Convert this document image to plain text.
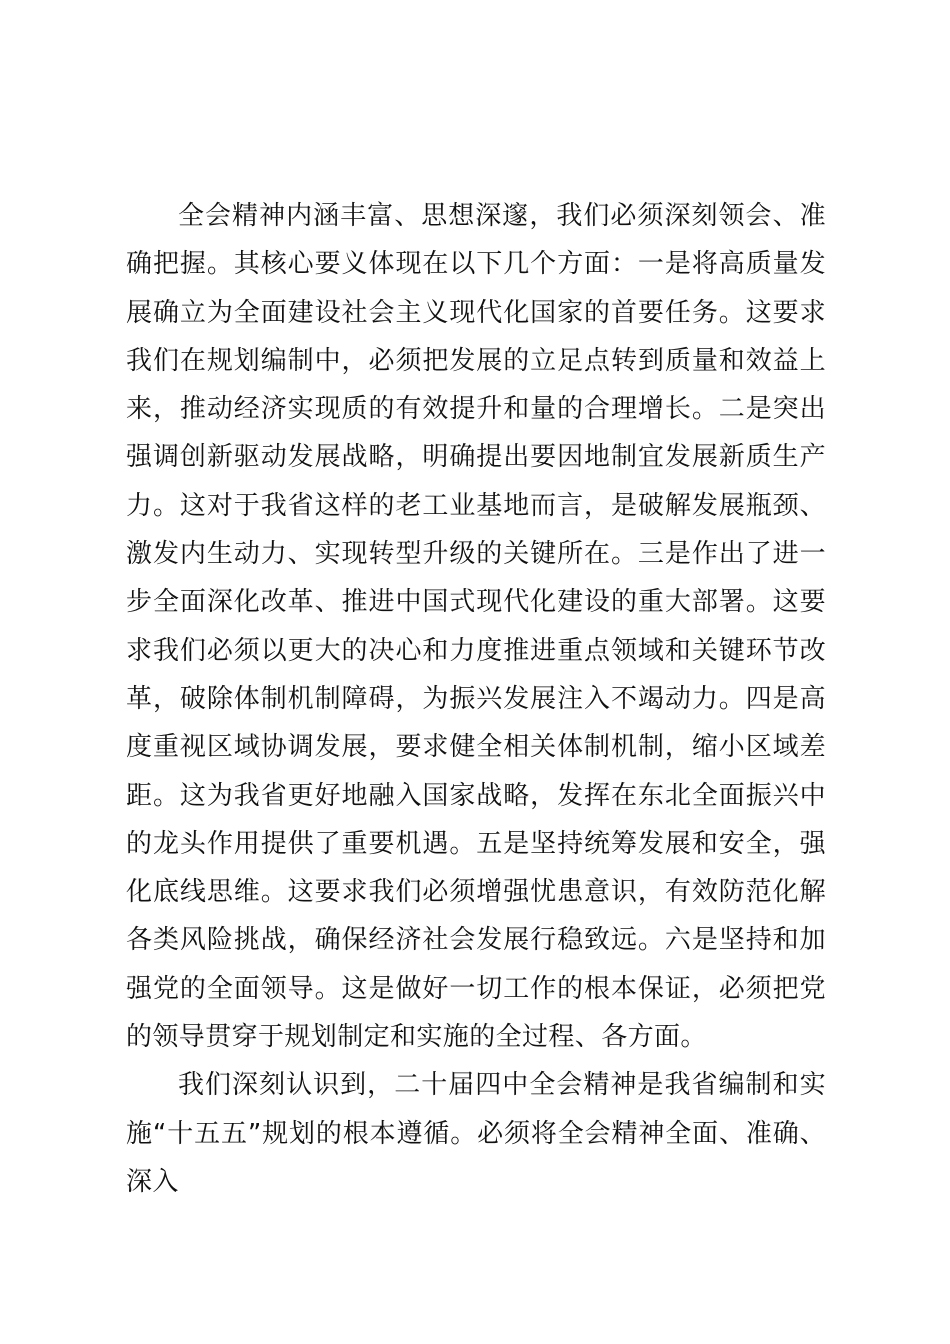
全会精神内涵丰富、思想深邃，我们必须深刻领会、准确把握。其核心要义体现在以下几个方面：一是将高质量发展确立为全面建设社会主义现代化国家的首要任务。这要求我们在规划编制中，必须把发展的立足点转到质量和效益上来，推动经济实现质的有效提升和量的合理增长。二是突出强调创新驱动发展战略，明确提出要因地制宜发展新质生产力。这对于我省这样的老工业基地而言，是破解发展瓶颈、激发内生动力、实现转型升级的关键所在。三是作出了进一步全面深化改革、推进中国式现代化建设的重大部署。这要求我们必须以更大的决心和力度推进重点领域和关键环节改革，破除体制机制障碍，为振兴发展注入不竭动力。四是高度重视区域协调发展，要求健全相关体制机制，缩小区域差距。这为我省更好地融入国家战略，发挥在东北全面振兴中的龙头作用提供了重要机遇。五是坚持统筹发展和安全，强化底线思维。这要求我们必须增强忧患意识，有效防范化解各类风险挑战，确保经济社会发展行稳致远。六是坚持和加强党的全面领导。这是做好一切工作的根本保证，必须把党的领导贯穿于规划制定和实施的全过程、各方面。

我们深刻认识到，二十届四中全会精神是我省编制和实施“十五五”规划的根本遵循。必须将全会精神全面、准确、深入
